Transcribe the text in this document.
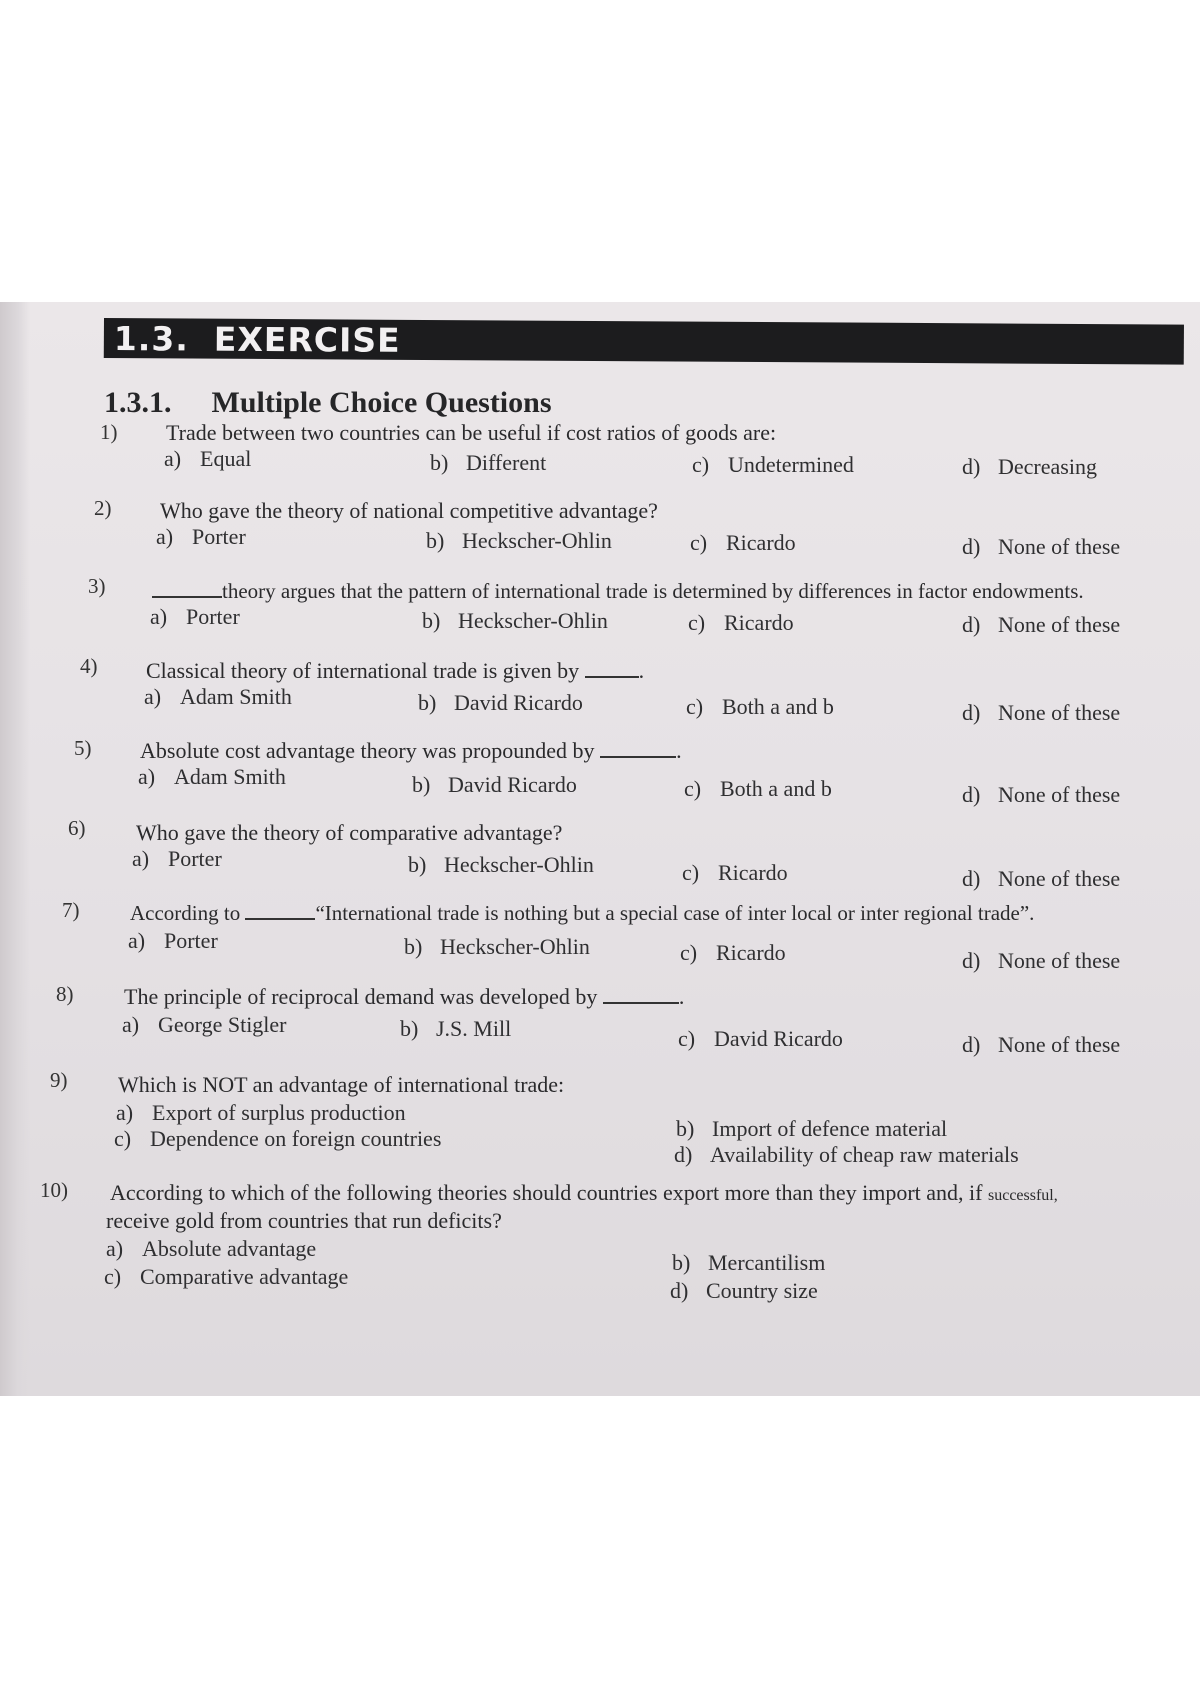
1.3. EXERCISE
1.3.1. Multiple Choice Questions
1) Trade between two countries can be useful if cost ratios of goods are:
a) Equal	b) Different	c) Undetermined	d) Decreasing
2) Who gave the theory of national competitive advantage?
a) Porter	b) Heckscher-Ohlin	c) Ricardo	d) None of these
3)	theory argues that the pattern of international trade is determined by differences in factor endowments.
a) Porter	b) Heckscher-Ohlin	c) Ricardo	d) None of these
4) Classical theory of international trade is given by	.
a) Adam Smith	b) David Ricardo	c) Both a and b	d) None of these
5) Absolute cost advantage theory was propounded by	.
a) Adam Smith	b) David Ricardo	c) Both a and b	d) None of these
6) Who gave the theory of comparative advantage?
a) Porter	b) Heckscher-Ohlin	c) Ricardo	d) None of these
7) According to	“International trade is nothing but a special case of inter local or inter regional trade”.
a) Porter	b) Heckscher-Ohlin	c) Ricardo	d) None of these
8) The principle of reciprocal demand was developed by	.
a) George Stigler	b) J.S. Mill	c) David Ricardo	d) None of these
9) Which is NOT an advantage of international trade:
a) Export of surplus production
b) Import of defence material
c) Dependence on foreign countries
d) Availability of cheap raw materials
10) According to which of the following theories should countries export more than they import and, if successful,
receive gold from countries that run deficits?
a) Absolute advantage
b) Mercantilism
c) Comparative advantage
d) Country size
